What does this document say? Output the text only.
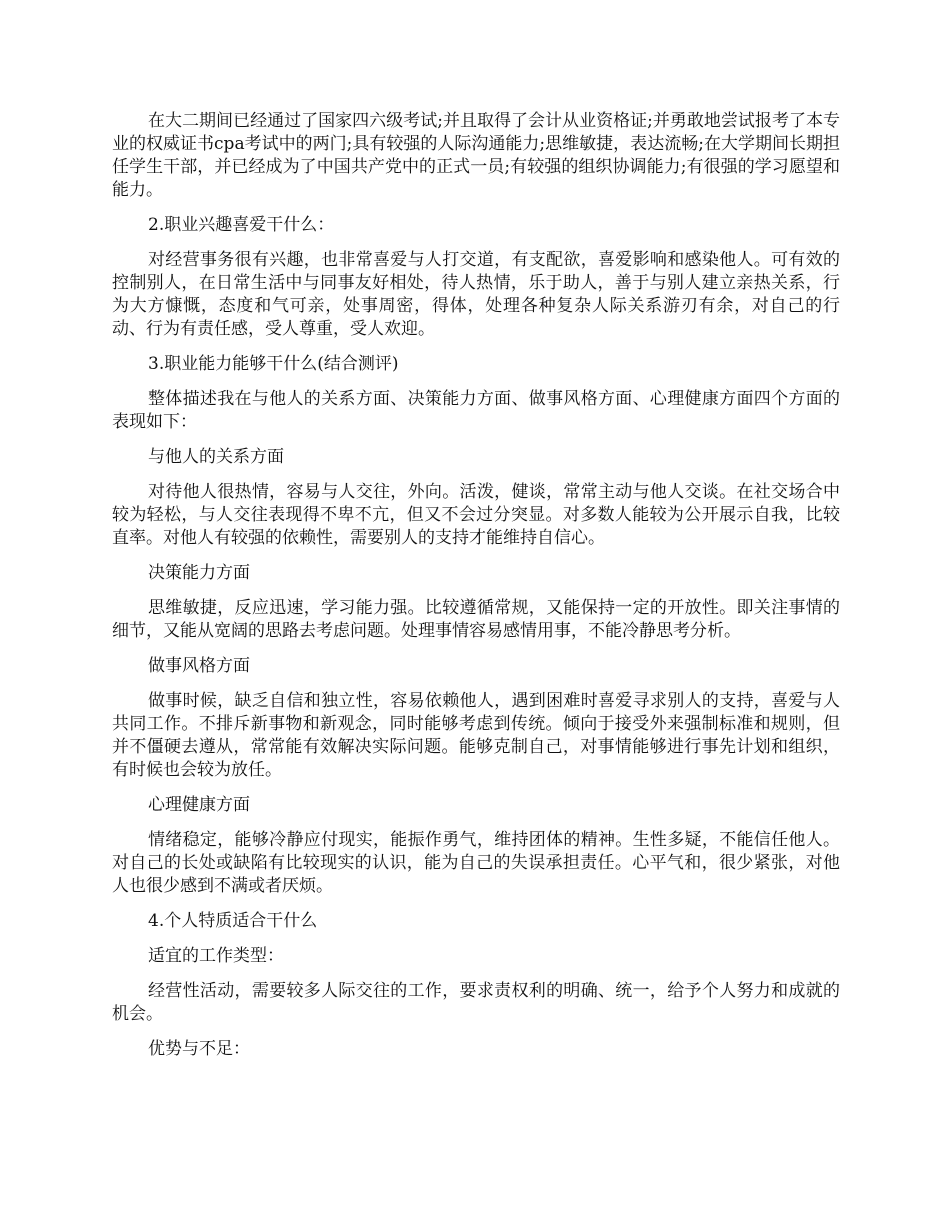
在大二期间已经通过了国家四六级考试;并且取得了会计从业资格证;并勇敢地尝试报考了本专业的权威证书cpa考试中的两门;具有较强的人际沟通能力;思维敏捷，表达流畅;在大学期间长期担任学生干部，并已经成为了中国共产党中的正式一员;有较强的组织协调能力;有很强的学习愿望和能力。

2.职业兴趣喜爱干什么：

对经营事务很有兴趣，也非常喜爱与人打交道，有支配欲，喜爱影响和感染他人。可有效的控制别人，在日常生活中与同事友好相处，待人热情，乐于助人，善于与别人建立亲热关系，行为大方慷慨，态度和气可亲，处事周密，得体，处理各种复杂人际关系游刃有余，对自己的行动、行为有责任感，受人尊重，受人欢迎。

3.职业能力能够干什么(结合测评)

整体描述我在与他人的关系方面、决策能力方面、做事风格方面、心理健康方面四个方面的表现如下：

与他人的关系方面

对待他人很热情，容易与人交往，外向。活泼，健谈，常常主动与他人交谈。在社交场合中较为轻松，与人交往表现得不卑不亢，但又不会过分突显。对多数人能较为公开展示自我，比较直率。对他人有较强的依赖性，需要别人的支持才能维持自信心。

决策能力方面

思维敏捷，反应迅速，学习能力强。比较遵循常规，又能保持一定的开放性。即关注事情的细节，又能从宽阔的思路去考虑问题。处理事情容易感情用事，不能冷静思考分析。

做事风格方面

做事时候，缺乏自信和独立性，容易依赖他人，遇到困难时喜爱寻求别人的支持，喜爱与人共同工作。不排斥新事物和新观念，同时能够考虑到传统。倾向于接受外来强制标准和规则，但并不僵硬去遵从，常常能有效解决实际问题。能够克制自己，对事情能够进行事先计划和组织，有时候也会较为放任。

心理健康方面

情绪稳定，能够冷静应付现实，能振作勇气，维持团体的精神。生性多疑，不能信任他人。对自己的长处或缺陷有比较现实的认识，能为自己的失误承担责任。心平气和，很少紧张，对他人也很少感到不满或者厌烦。

4.个人特质适合干什么

适宜的工作类型：

经营性活动，需要较多人际交往的工作，要求责权利的明确、统一，给予个人努力和成就的机会。

优势与不足：
